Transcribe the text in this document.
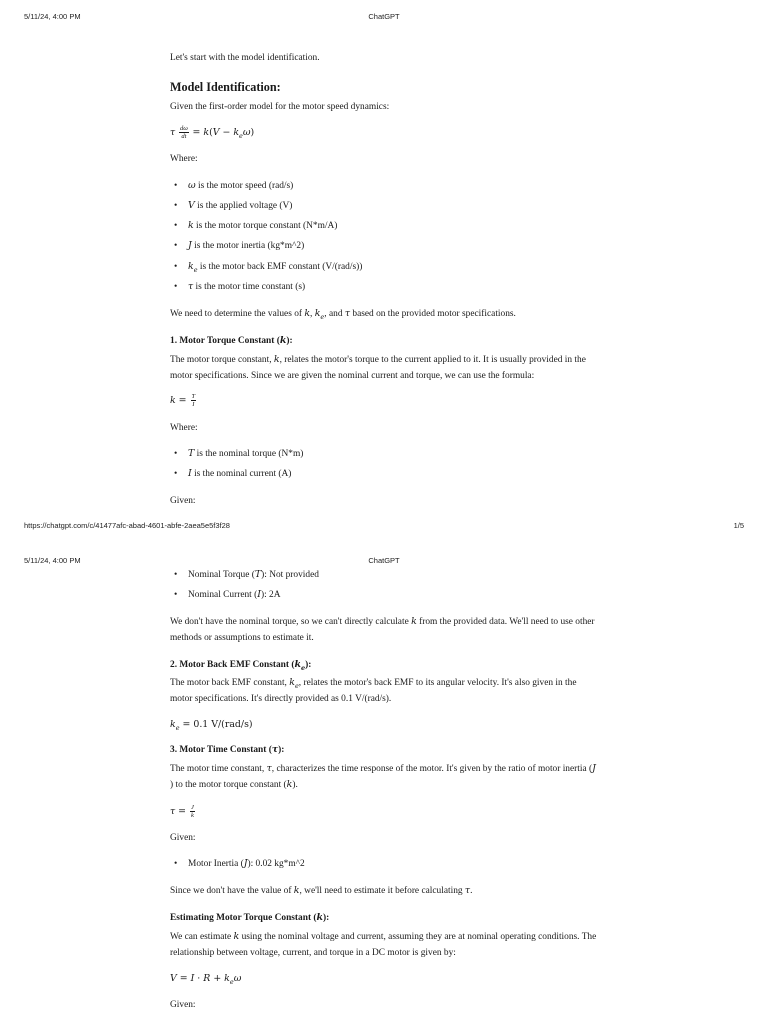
5/11/24, 4:00 PM	ChatGPT

Let's start with the model identification.

Model Identification:

Given the first-order model for the motor speed dynamics:

τ $\frac{d\omega}{dt} = k(V - k_e\omega)$

Where:

• ω is the motor speed (rad/s)
• V is the applied voltage (V)
• k is the motor torque constant (N*m/A)
• J is the motor inertia (kg*m^2)
• $k_e$ is the motor back EMF constant (V/(rad/s))
• τ is the motor time constant (s)

We need to determine the values of k, $k_e$, and τ based on the provided motor specifications.

1. Motor Torque Constant (k):

The motor torque constant, k, relates the motor's torque to the current applied to it. It is usually provided in the

motor specifications. Since we are given the nominal current and torque, we can use the formula:

$k = \frac{T}{I}$

Where:

• T is the nominal torque (N*m)
• I is the nominal current (A)

Given:

https://chatgpt.com/c/41477afc-abad-4601-abfe-2aea5e5f3f28	1/5
5/11/24, 4:00 PM	ChatGPT
• Nominal Torque (T): Not provided
• Nominal Current (I): 2A

We don't have the nominal torque, so we can't directly calculate k from the provided data. We'll need to use other

methods or assumptions to estimate it.

2. Motor Back EMF Constant $(k_e)$:

The motor back EMF constant, $k_e$, relates the motor's back EMF to its angular velocity. It's also given in the

motor specifications. It's directly provided as 0.1 V/(rad/s).

$k_e = 0.1$ V/(rad/s)

3. Motor Time Constant (τ):

The motor time constant, τ, characterizes the time response of the motor. It's given by the ratio of motor inertia (J

) to the motor torque constant (k).

$\tau = \frac{J}{k}$

Given:

• Motor Inertia (J): 0.02 kg*m^2

Since we don't have the value of k, we'll need to estimate it before calculating τ.

Estimating Motor Torque Constant (k):

We can estimate k using the nominal voltage and current, assuming they are at nominal operating conditions. The

relationship between voltage, current, and torque in a DC motor is given by:

$V = I \cdot R + k_e\omega$

Given:
